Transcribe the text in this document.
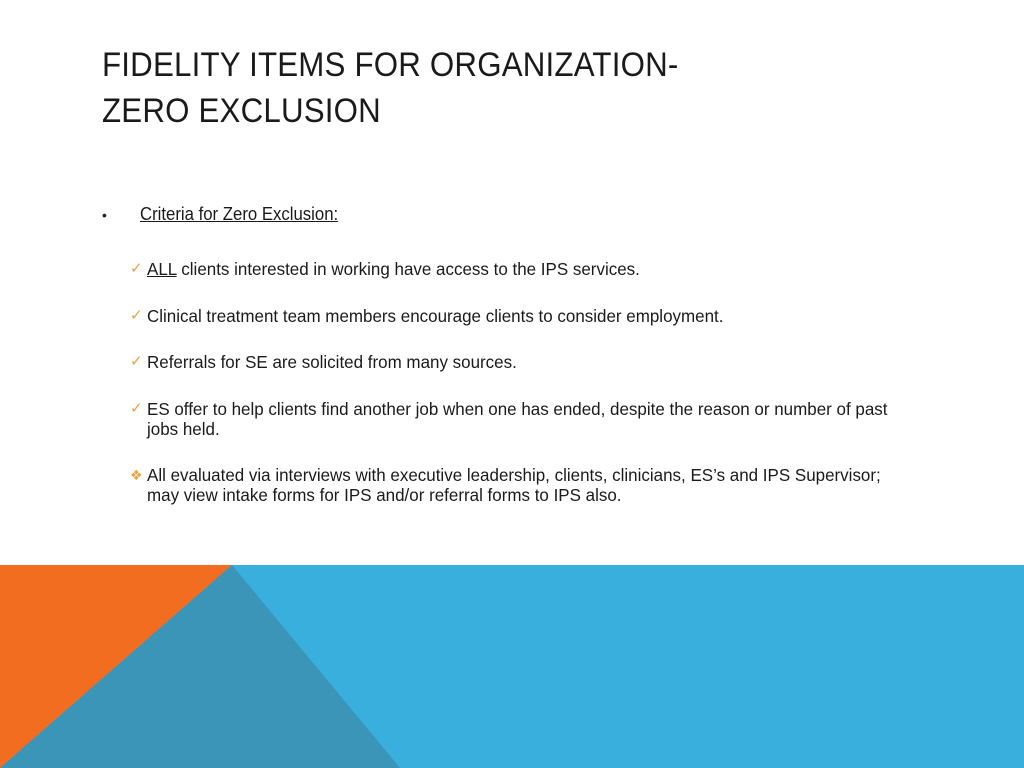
FIDELITY ITEMS FOR ORGANIZATION-
ZERO EXCLUSION
•	Criteria for Zero Exclusion:
✓ ALL clients interested in working have access to the IPS services.
✓ Clinical treatment team members encourage clients to consider employment.
✓ Referrals for SE are solicited from many sources.
✓ ES offer to help clients find another job when one has ended, despite the reason or number of past jobs held.
❖ All evaluated via interviews with executive leadership, clients, clinicians, ES’s and IPS Supervisor; may view intake forms for IPS and/or referral forms to IPS also.
